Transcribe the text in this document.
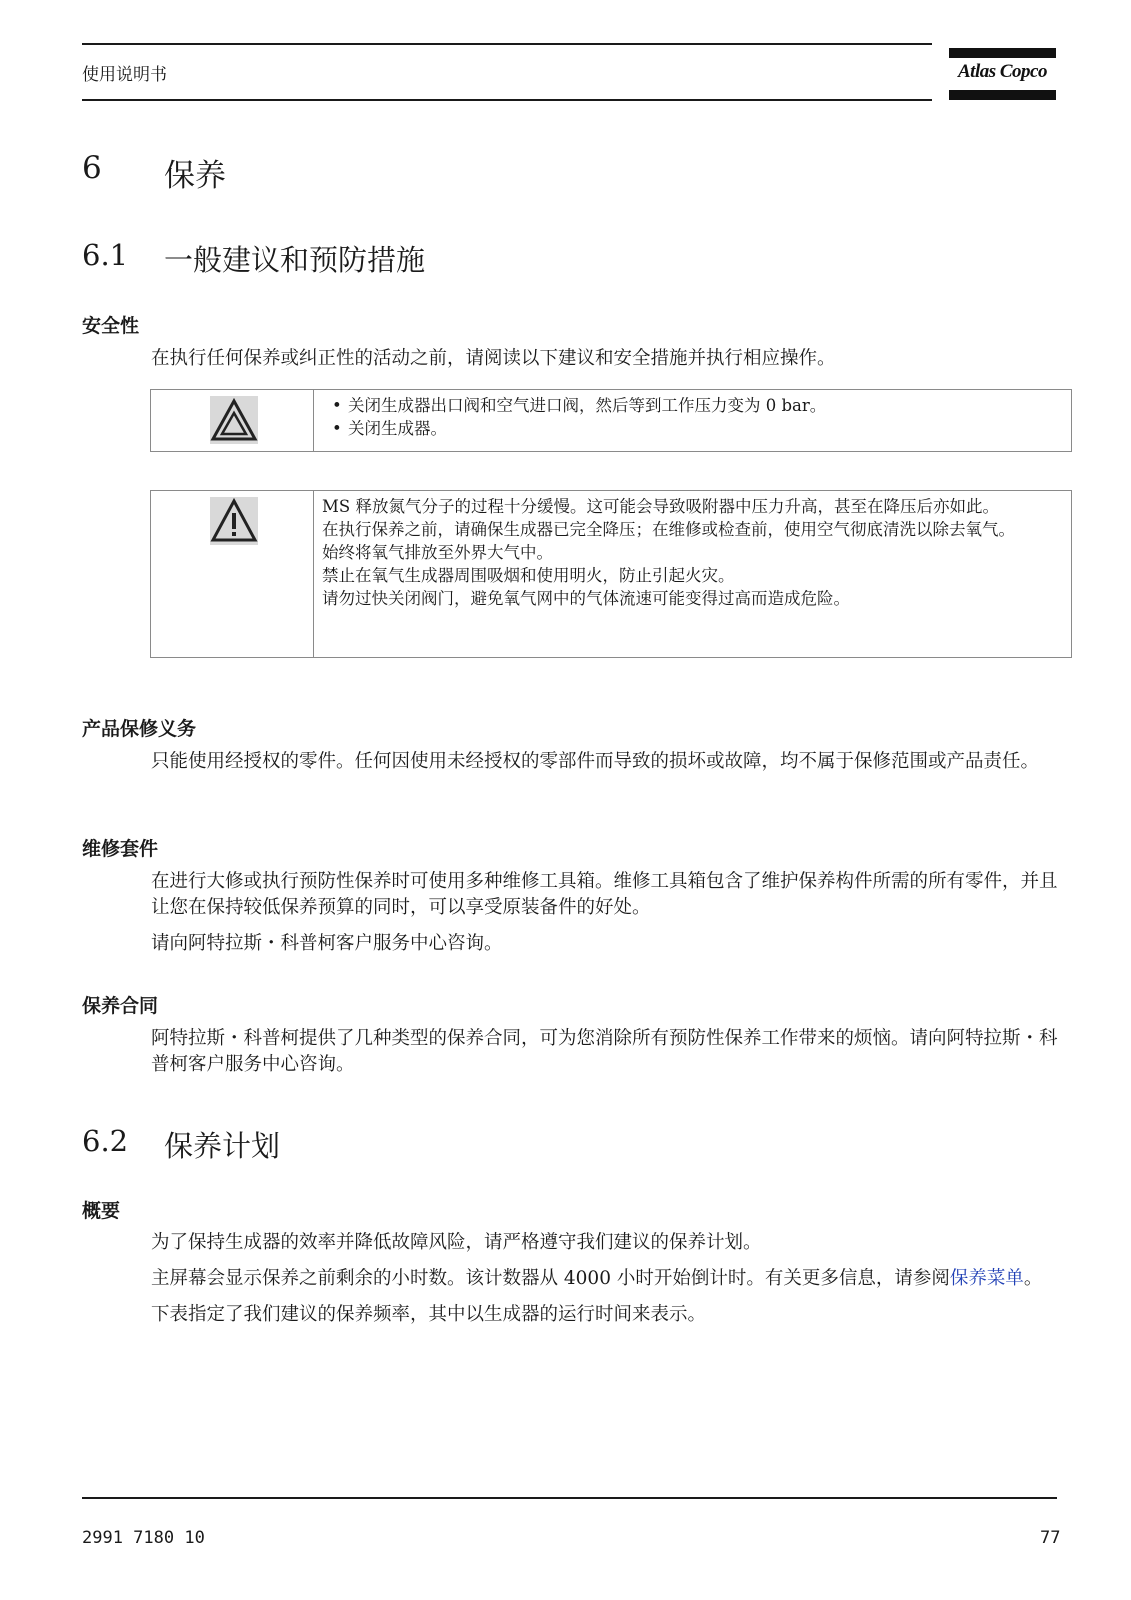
使用说明书	Atlas Copco
6 保养
6.1 一般建议和预防措施
安全性

在执行任何保养或纠正性的活动之前，请阅读以下建议和安全措施并执行相应操作。

• 关闭生成器出口阀和空气进口阀，然后等到工作压力变为 0 bar。
• 关闭生成器。
MS 释放氮气分子的过程十分缓慢。这可能会导致吸附器中压力升高，甚至在降压后亦如此。
在执行保养之前，请确保生成器已完全降压；在维修或检查前，使用空气彻底清洗以除去氧气。
始终将氧气排放至外界大气中。
禁止在氧气生成器周围吸烟和使用明火，防止引起火灾。
请勿过快关闭阀门，避免氧气网中的气体流速可能变得过高而造成危险。
产品保修义务

只能使用经授权的零件。任何因使用未经授权的零部件而导致的损坏或故障，均不属于保修范围或产品责任。

维修套件

在进行大修或执行预防性保养时可使用多种维修工具箱。维修工具箱包含了维护保养构件所需的所有零件，并且让您在保持较低保养预算的同时，可以享受原装备件的好处。

请向阿特拉斯・科普柯客户服务中心咨询。

保养合同

阿特拉斯・科普柯提供了几种类型的保养合同，可为您消除所有预防性保养工作带来的烦恼。请向阿特拉斯・科普柯客户服务中心咨询。

6.2 保养计划
概要

为了保持生成器的效率并降低故障风险，请严格遵守我们建议的保养计划。

主屏幕会显示保养之前剩余的小时数。该计数器从 4000 小时开始倒计时。有关更多信息，请参阅保养菜单。

下表指定了我们建议的保养频率，其中以生成器的运行时间来表示。

2991 7180 10	77
